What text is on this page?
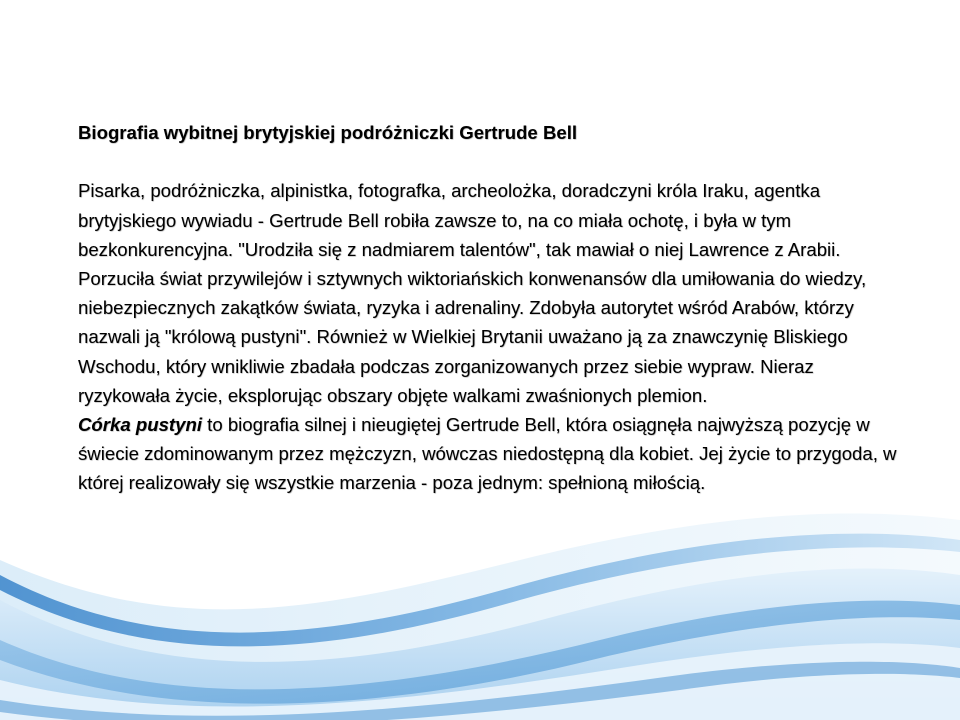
Biografia wybitnej brytyjskiej podróżniczki Gertrude Bell

Pisarka, podróżniczka, alpinistka, fotografka, archeolożka, doradczyni króla Iraku, agentka brytyjskiego wywiadu - Gertrude Bell robiła zawsze to, na co miała ochotę, i była w tym bezkonkurencyjna. "Urodziła się z nadmiarem talentów", tak mawiał o niej Lawrence z Arabii. Porzuciła świat przywilejów i sztywnych wiktoriańskich konwenansów dla umiłowania do wiedzy, niebezpiecznych zakątków świata, ryzyka i adrenaliny. Zdobyła autorytet wśród Arabów, którzy nazwali ją "królową pustyni". Również w Wielkiej Brytanii uważano ją za znawczynię Bliskiego Wschodu, który wnikliwie zbadała podczas zorganizowanych przez siebie wypraw. Nieraz ryzykowała życie, eksplorując obszary objęte walkami zwaśnionych plemion.

Córka pustyni to biografia silnej i nieugiętej Gertrude Bell, która osiągnęła najwyższą pozycję w świecie zdominowanym przez mężczyzn, wówczas niedostępną dla kobiet. Jej życie to przygoda, w której realizowały się wszystkie marzenia - poza jednym: spełnioną miłością.
